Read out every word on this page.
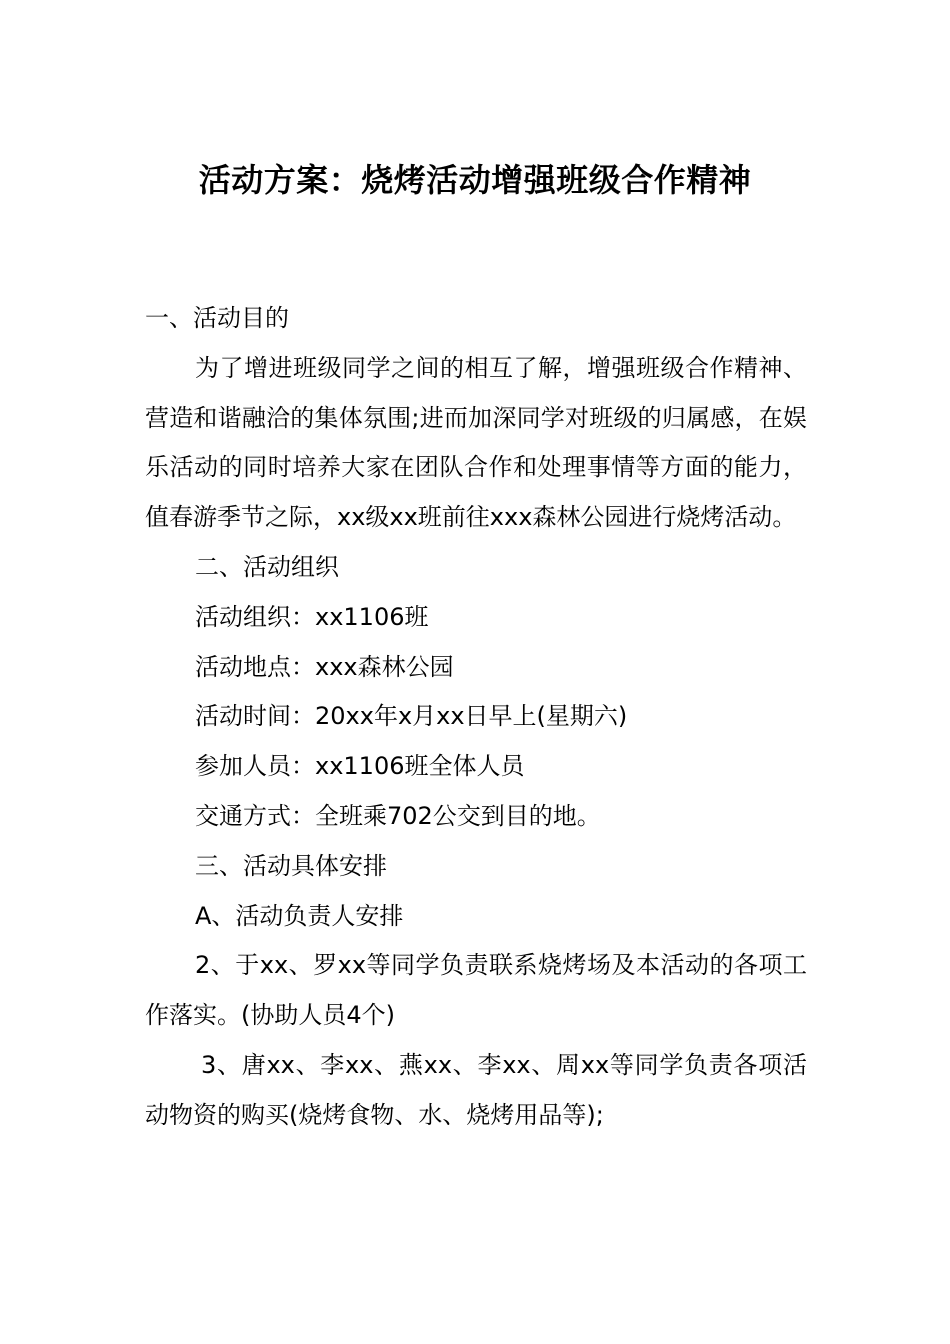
活动方案：烧烤活动增强班级合作精神

一、活动目的

为了增进班级同学之间的相互了解，增强班级合作精神、营造和谐融洽的集体氛围;进而加深同学对班级的归属感，在娱乐活动的同时培养大家在团队合作和处理事情等方面的能力，值春游季节之际，xx级xx班前往xxx森林公园进行烧烤活动。

二、活动组织

活动组织：xx1106班

活动地点：xxx森林公园

活动时间：20xx年x月xx日早上(星期六)

参加人员：xx1106班全体人员

交通方式：全班乘702公交到目的地。

三、活动具体安排

A、活动负责人安排

2、于xx、罗xx等同学负责联系烧烤场及本活动的各项工作落实。(协助人员4个)

3、唐xx、李xx、燕xx、李xx、周xx等同学负责各项活动物资的购买(烧烤食物、水、烧烤用品等);
